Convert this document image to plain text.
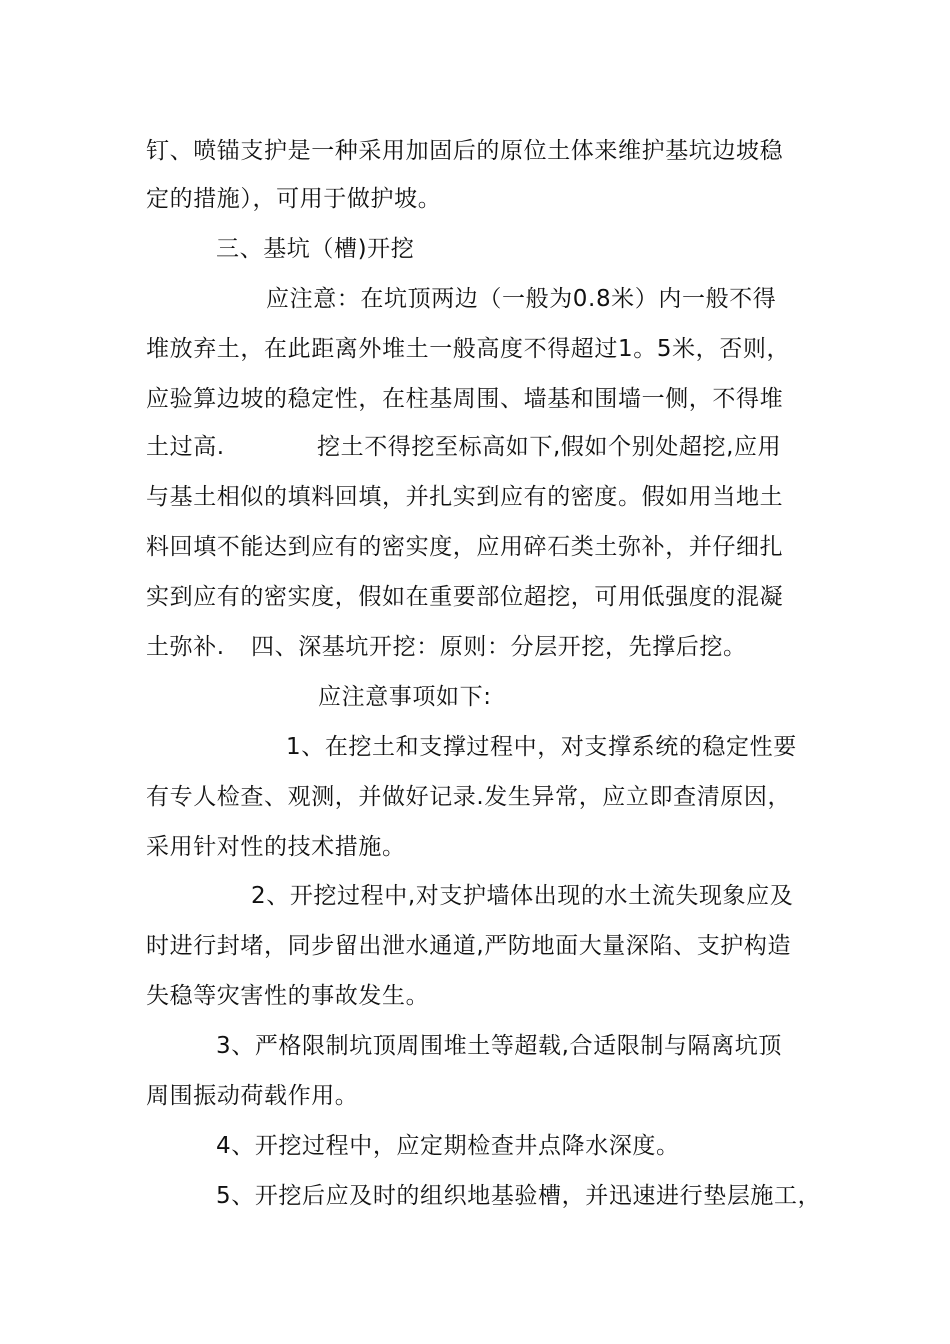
钉、喷锚支护是一种采用加固后的原位土体来维护基坑边坡稳
定的措施），可用于做护坡。
三、基坑（槽)开挖
应注意：在坑顶两边（一般为0.8米）内一般不得
堆放弃土，在此距离外堆土一般高度不得超过1。5米，否则，
应验算边坡的稳定性，在柱基周围、墙基和围墙一侧，不得堆
土过高.	挖土不得挖至标高如下,假如个别处超挖,应用
与基土相似的填料回填，并扎实到应有的密度。假如用当地土
料回填不能达到应有的密实度，应用碎石类土弥补，并仔细扎
实到应有的密实度，假如在重要部位超挖，可用低强度的混凝
土弥补. 四、深基坑开挖：原则：分层开挖，先撑后挖。
应注意事项如下:
1、在挖土和支撑过程中，对支撑系统的稳定性要
有专人检查、观测，并做好记录.发生异常，应立即查清原因，
采用针对性的技术措施。
2、开挖过程中,对支护墙体出现的水土流失现象应及
时进行封堵，同步留出泄水通道,严防地面大量深陷、支护构造
失稳等灾害性的事故发生。
3、严格限制坑顶周围堆土等超载,合适限制与隔离坑顶
周围振动荷载作用。
4、开挖过程中，应定期检查井点降水深度。
5、开挖后应及时的组织地基验槽，并迅速进行垫层施工，
